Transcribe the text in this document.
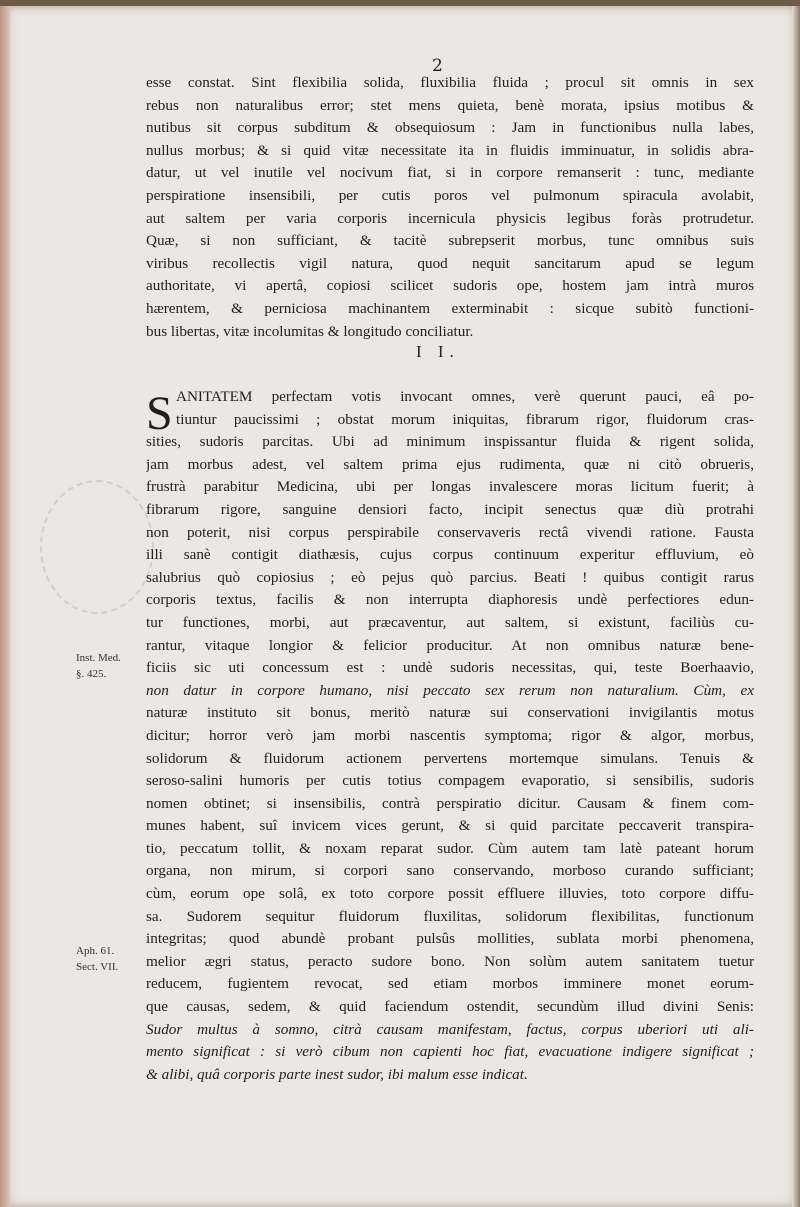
2
esse constat. Sint flexibilia solida, fluxibilia fluida ; procul sit omnis in sex
rebus non naturalibus error; stet mens quieta, benè morata, ipsius motibus &
nutibus sit corpus subditum & obsequiosum : Jam in functionibus nulla labes,
nullus morbus; & si quid vitæ necessitate ita in fluidis imminuatur, in solidis abra-
datur, ut vel inutile vel nocivum fiat, si in corpore remanserit : tunc, mediante
perspiratione insensibili, per cutis poros vel pulmonum spiracula avolabit,
aut saltem per varia corporis incernicula physicis legibus foràs protrudetur.
Quæ, si non sufficiant, & tacitè subrepserit morbus, tunc omnibus suis
viribus recollectis vigil natura, quod nequit sancitarum apud se legum
authoritate, vi apertâ, copiosi scilicet sudoris ope, hostem jam intrà muros
hærentem, & perniciosa machinantem exterminabit : sicque subitò functioni-
bus libertas, vitæ incolumitas & longitudo conciliatur.
I I.
S ANITATEM perfectam votis invocant omnes, verè querunt pauci, eâ po-
tiuntur paucissimi ; obstat morum iniquitas, fibrarum rigor, fluidorum cras-
sities, sudoris parcitas. Ubi ad minimum inspissantur fluida & rigent solida,
jam morbus adest, vel saltem prima ejus rudimenta, quæ ni citò obrueris,
frustrà parabitur Medicina, ubi per longas invalescere moras licitum fuerit; à
fibrarum rigore, sanguine densiori facto, incipit senectus quæ diù protrahi
non poterit, nisi corpus perspirabile conservaveris rectâ vivendi ratione. Fausta
illi sanè contigit diathæsis, cujus corpus continuum experitur effluvium, eò
salubrius quò copiosius ; eò pejus quò parcius. Beati ! quibus contigit rarus
corporis textus, facilis & non interrupta diaphoresis undè perfectiores edun-
tur functiones, morbi, aut præcaventur, aut saltem, si existunt, faciliùs cu-
rantur, vitaque longior & felicior producitur. At non omnibus naturæ bene-
ficiis sic uti concessum est : undè sudoris necessitas, qui, teste Boerhaavio,
non datur in corpore humano, nisi peccato sex rerum non naturalium. Cùm, ex
naturæ instituto sit bonus, meritò naturæ sui conservationi invigilantis motus
dicitur; horror verò jam morbi nascentis symptoma; rigor & algor, morbus,
solidorum & fluidorum actionem pervertens mortemque simulans. Tenuis &
seroso-salini humoris per cutis totius compagem evaporatio, si sensibilis, sudoris
nomen obtinet; si insensibilis, contrà perspiratio dicitur. Causam & finem com-
munes habent, suî invicem vices gerunt, & si quid parcitate peccaverit transpira-
tio, peccatum tollit, & noxam reparat sudor. Cùm autem tam latè pateant horum
organa, non mirum, si corpori sano conservando, morboso curando sufficiant;
cùm, eorum ope solâ, ex toto corpore possit effluere illuvies, toto corpore diffu-
sa. Sudorem sequitur fluidorum fluxilitas, solidorum flexibilitas, functionum
integritas; quod abundè probant pulsûs mollities, sublata morbi phenomena,
melior ægri status, peracto sudore bono. Non solùm autem sanitatem tuetur
reducem, fugientem revocat, sed etiam morbos imminere monet eorum-
que causas, sedem, & quid faciendum ostendit, secundùm illud divini Senis:
Sudor multus à somno, citrà causam manifestam, factus, corpus uberiori uti ali-
mento significat : si verò cibum non capienti hoc fiat, evacuatione indigere significat ;
& alibi, quâ corporis parte inest sudor, ibi malum esse indicat.
Inst. Med.
§. 425.
Aph. 61.
Sect. VII.
